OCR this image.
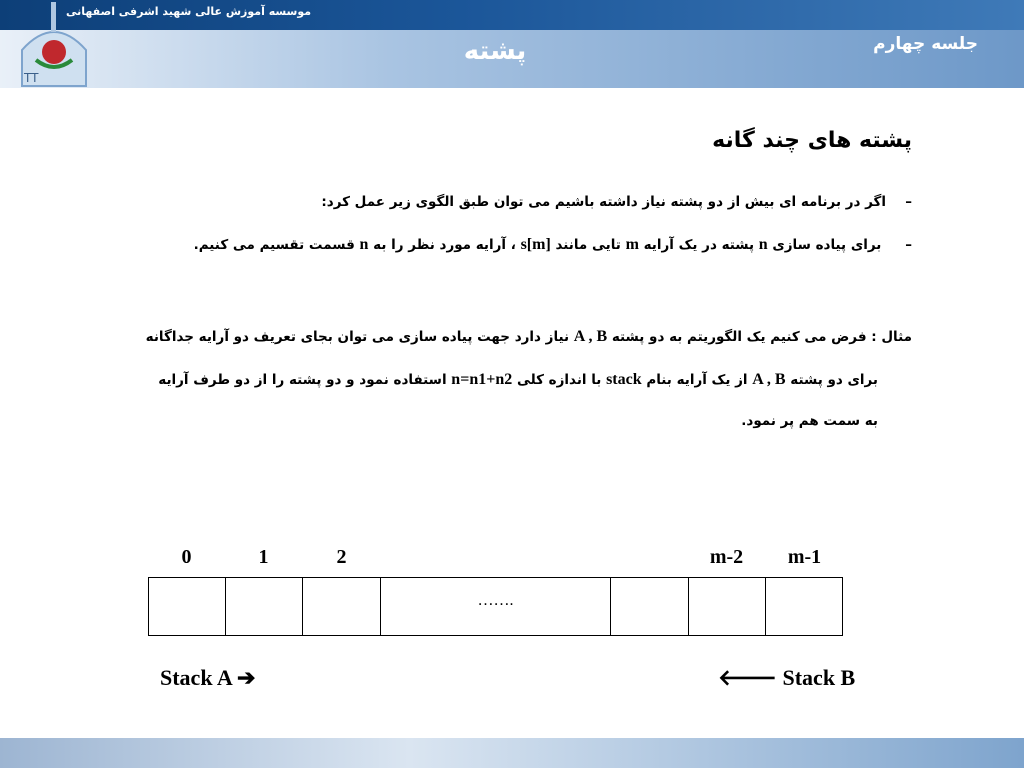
TT
موسسه آموزش عالی شهید اشرفی اصفهانی
پشته	جلسه چهارم
پشته های چند گانه
–اگر در برنامه ای بیش از دو پشته نیاز داشته باشیم می توان طبق الگوی زیر عمل کرد:
– برای پیاده سازی n پشته در یک آرایه m تایی مانند s[m] ، آرایه مورد نظر را به n قسمت تقسیم می کنیم.
مثال : فرض می کنیم یک الگوریتم به دو پشته A , B نیاز دارد جهت پیاده سازی می توان بجای تعریف دو آرایه جداگانه
برای دو پشته A , B از یک آرایه بنام stack با اندازه کلی n=n1+n2 استفاده نمود و دو پشته را از دو طرف آرایه
به سمت هم پر نمود.
0	1	2	m-2	m-1
…….
Stack A ➔	🡐 Stack B
